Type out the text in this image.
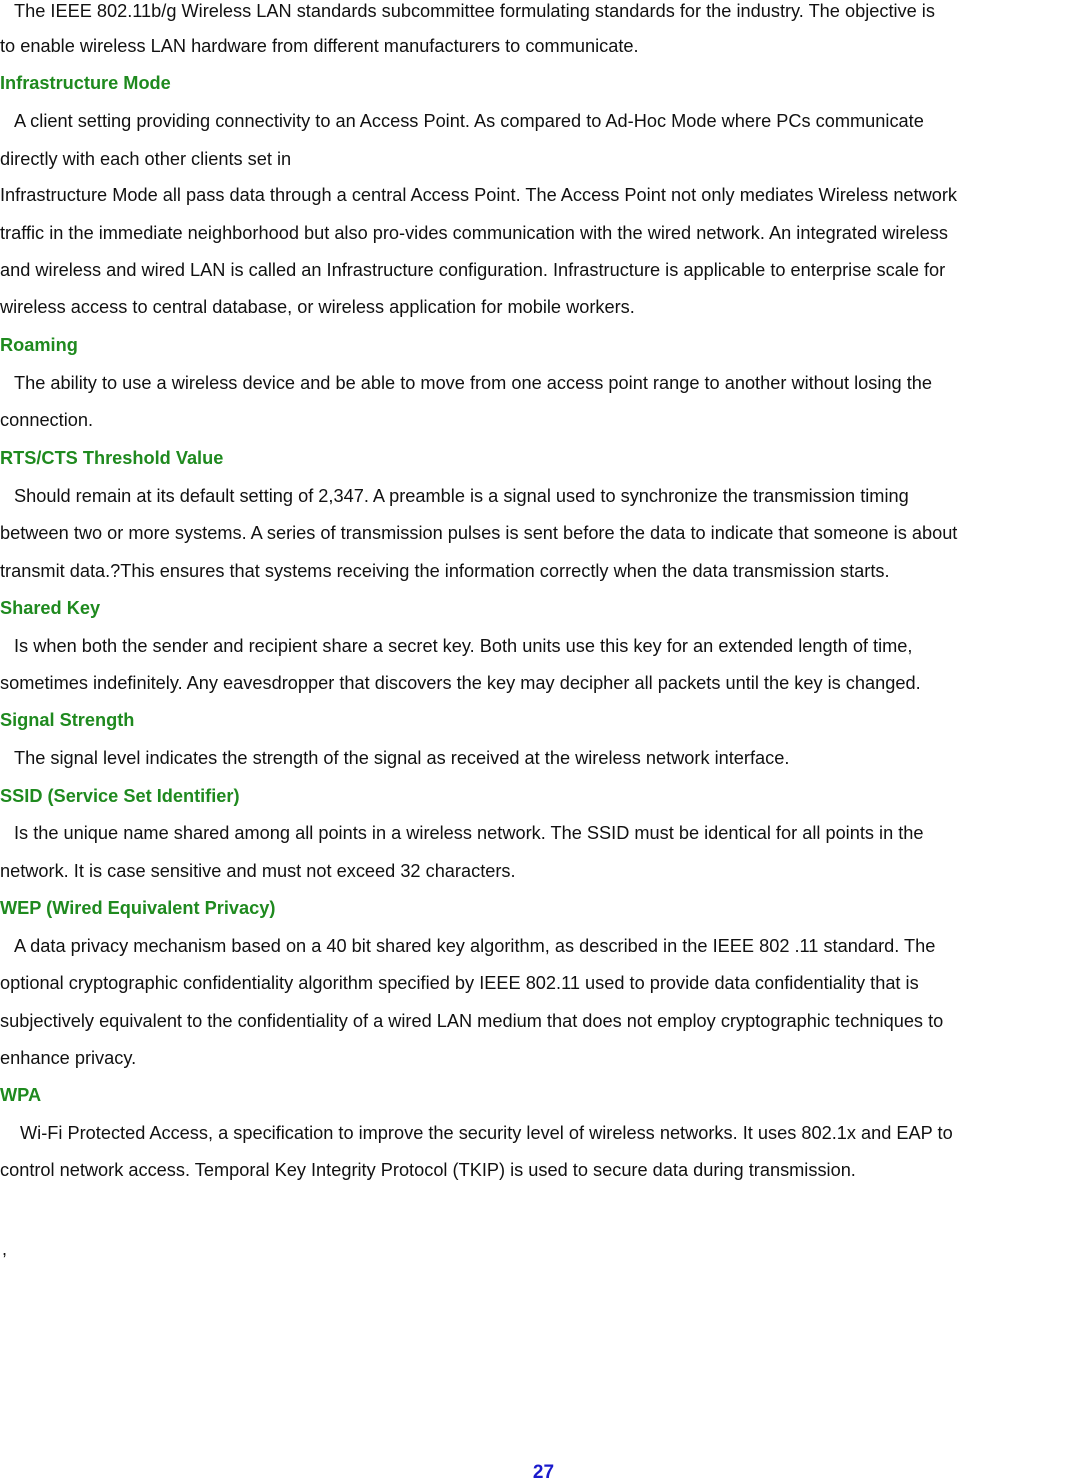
The IEEE 802.11b/g Wireless LAN standards subcommittee formulating standards for the industry. The objective is
to enable wireless LAN hardware from different manufacturers to communicate.
Infrastructure Mode
A client setting providing connectivity to an Access Point. As compared to Ad-Hoc Mode where PCs communicate
directly with each other clients set in
Infrastructure Mode all pass data through a central Access Point. The Access Point not only mediates Wireless network
traffic in the immediate neighborhood but also pro-vides communication with the wired network. An integrated wireless
and wireless and wired LAN is called an Infrastructure configuration. Infrastructure is applicable to enterprise scale for
wireless access to central database, or wireless application for mobile workers.
Roaming
The ability to use a wireless device and be able to move from one access point range to another without losing the
connection.
RTS/CTS Threshold Value
Should remain at its default setting of 2,347. A preamble is a signal used to synchronize the transmission timing
between two or more systems. A series of transmission pulses is sent before the data to indicate that someone is about
transmit data.?This ensures that systems receiving the information correctly when the data transmission starts.
Shared Key
Is when both the sender and recipient share a secret key. Both units use this key for an extended length of time,
sometimes indefinitely. Any eavesdropper that discovers the key may decipher all packets until the key is changed.
Signal Strength
The signal level indicates the strength of the signal as received at the wireless network interface.
SSID (Service Set Identifier)
Is the unique name shared among all points in a wireless network. The SSID must be identical for all points in the
network. It is case sensitive and must not exceed 32 characters.
WEP (Wired Equivalent Privacy)
A data privacy mechanism based on a 40 bit shared key algorithm, as described in the IEEE 802 .11 standard. The
optional cryptographic confidentiality algorithm specified by IEEE 802.11 used to provide data confidentiality that is
subjectively equivalent to the confidentiality of a wired LAN medium that does not employ cryptographic techniques to
enhance privacy.
WPA
Wi-Fi Protected Access, a specification to improve the security level of wireless networks. It uses 802.1x and EAP to
control network access. Temporal Key Integrity Protocol (TKIP) is used to secure data during transmission.
,
27
